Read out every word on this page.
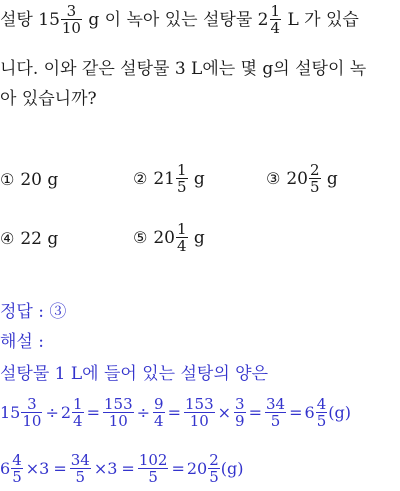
설탕 $15 \frac{3}{10}$ g 이 녹아 있는 설탕물 $2 \frac{1}{4}$ L 가 있습
니다. 이와 같은 설탕물 3 L에는 몇 g의 설탕이 녹
아 있습니까?
① 20 g	② $21 \frac{1}{5}$ g	③ $20 \frac{2}{5}$ g
④ 22 g	⑤ $20 \frac{1}{4}$ g
정답 : ③
해설 :
설탕물 1 L에 들어 있는 설탕의 양은
$15 \frac{3}{10} \div 2 \frac{1}{4} = \frac{153}{10} \div \frac{9}{4} = \frac{153}{10} \times \frac{3}{9} = \frac{34}{5} = 6 \frac{4}{5} (g)$
$6 \frac{4}{5} \times 3 = \frac{34}{5} \times 3 = \frac{102}{5} = 20 \frac{2}{5} (g)$
